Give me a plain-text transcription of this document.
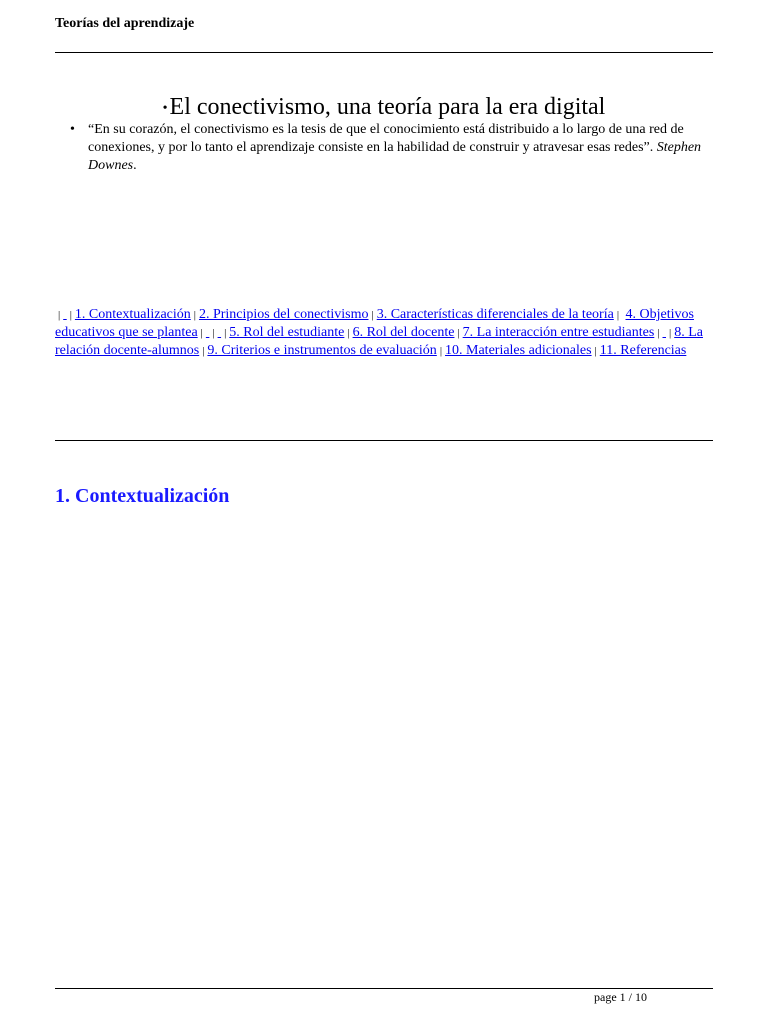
Teorías del aprendizaje
•El conectivismo, una teoría para la era digital
• “En su corazón, el conectivismo es la tesis de que el conocimiento está distribuido a lo largo de una red de conexiones, y por lo tanto el aprendizaje consiste en la habilidad de construir y atravesar esas redes”. Stephen Downes.
| | 1. Contextualización | 2. Principios del conectivismo | 3. Características diferenciales de la teoría | 4. Objetivos educativos que se plantea | | | 5. Rol del estudiante | 6. Rol del docente | 7. La interacción entre estudiantes | | 8. La relación docente-alumnos | 9. Criterios e instrumentos de evaluación | 10. Materiales adicionales | 11. Referencias
1. Contextualización
page 1 / 10
